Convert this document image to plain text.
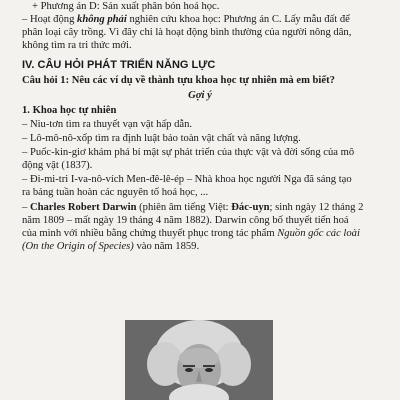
+ Phương án D: Sản xuất phân bón hoá học.
– Hoạt động không phải nghiên cứu khoa học: Phương án C. Lấy mẫu đất để
phân loại cây trồng. Vì đây chỉ là hoạt động bình thường của người nông dân,
không tìm ra tri thức mới.
IV. CÂU HỎI PHÁT TRIỂN NĂNG LỰC
Câu hỏi 1: Nêu các ví dụ về thành tựu khoa học tự nhiên mà em biết?
Gợi ý
1. Khoa học tự nhiên
– Niu-tơn tìm ra thuyết vạn vật hấp dẫn.
– Lô-mô-nô-xốp tìm ra định luật bảo toàn vật chất và năng lượng.
– Puốc-kin-giơ khám phá bí mật sự phát triển của thực vật và đời sống của mô
động vật (1837).
– Đi-mi-tri I-va-nô-vích Men-đê-lê-ép – Nhà khoa học người Nga đã sáng tạo
ra bảng tuần hoàn các nguyên tố hoá học, ...
– Charles Robert Darwin (phiên âm tiếng Việt: Đác-uyn; sinh ngày 12 tháng 2
năm 1809 – mất ngày 19 tháng 4 năm 1882). Darwin công bố thuyết tiến hoá
của mình với nhiều bằng chứng thuyết phục trong tác phẩm Nguồn gốc các loài
(On the Origin of Species) vào năm 1859.
